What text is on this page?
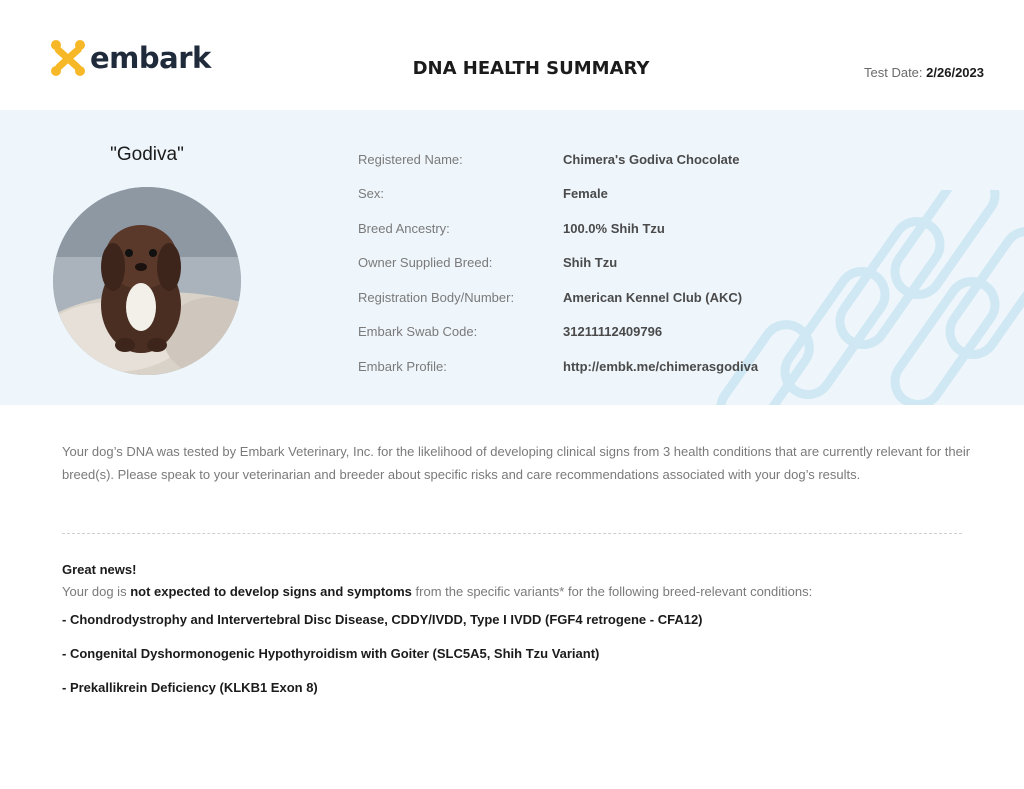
embark	DNA HEALTH SUMMARY	Test Date: 2/26/2023
"Godiva"	Registered Name:	Chimera's Godiva Chocolate
Sex:	Female
Breed Ancestry:	100.0% Shih Tzu
Owner Supplied Breed:	Shih Tzu
Registration Body/Number:	American Kennel Club (AKC)
Embark Swab Code:	31211112409796
Embark Profile:	http://embk.me/chimerasgodiva

Your dog’s DNA was tested by Embark Veterinary, Inc. for the likelihood of developing clinical signs from 3 health conditions that are currently relevant for their breed(s). Please speak to your veterinarian and breeder about specific risks and care recommendations associated with your dog’s results.

Great news!
Your dog is not expected to develop signs and symptoms from the specific variants* for the following breed-relevant conditions:
- Chondrodystrophy and Intervertebral Disc Disease, CDDY/IVDD, Type I IVDD (FGF4 retrogene - CFA12)
- Congenital Dyshormonogenic Hypothyroidism with Goiter (SLC5A5, Shih Tzu Variant)
- Prekallikrein Deficiency (KLKB1 Exon 8)
